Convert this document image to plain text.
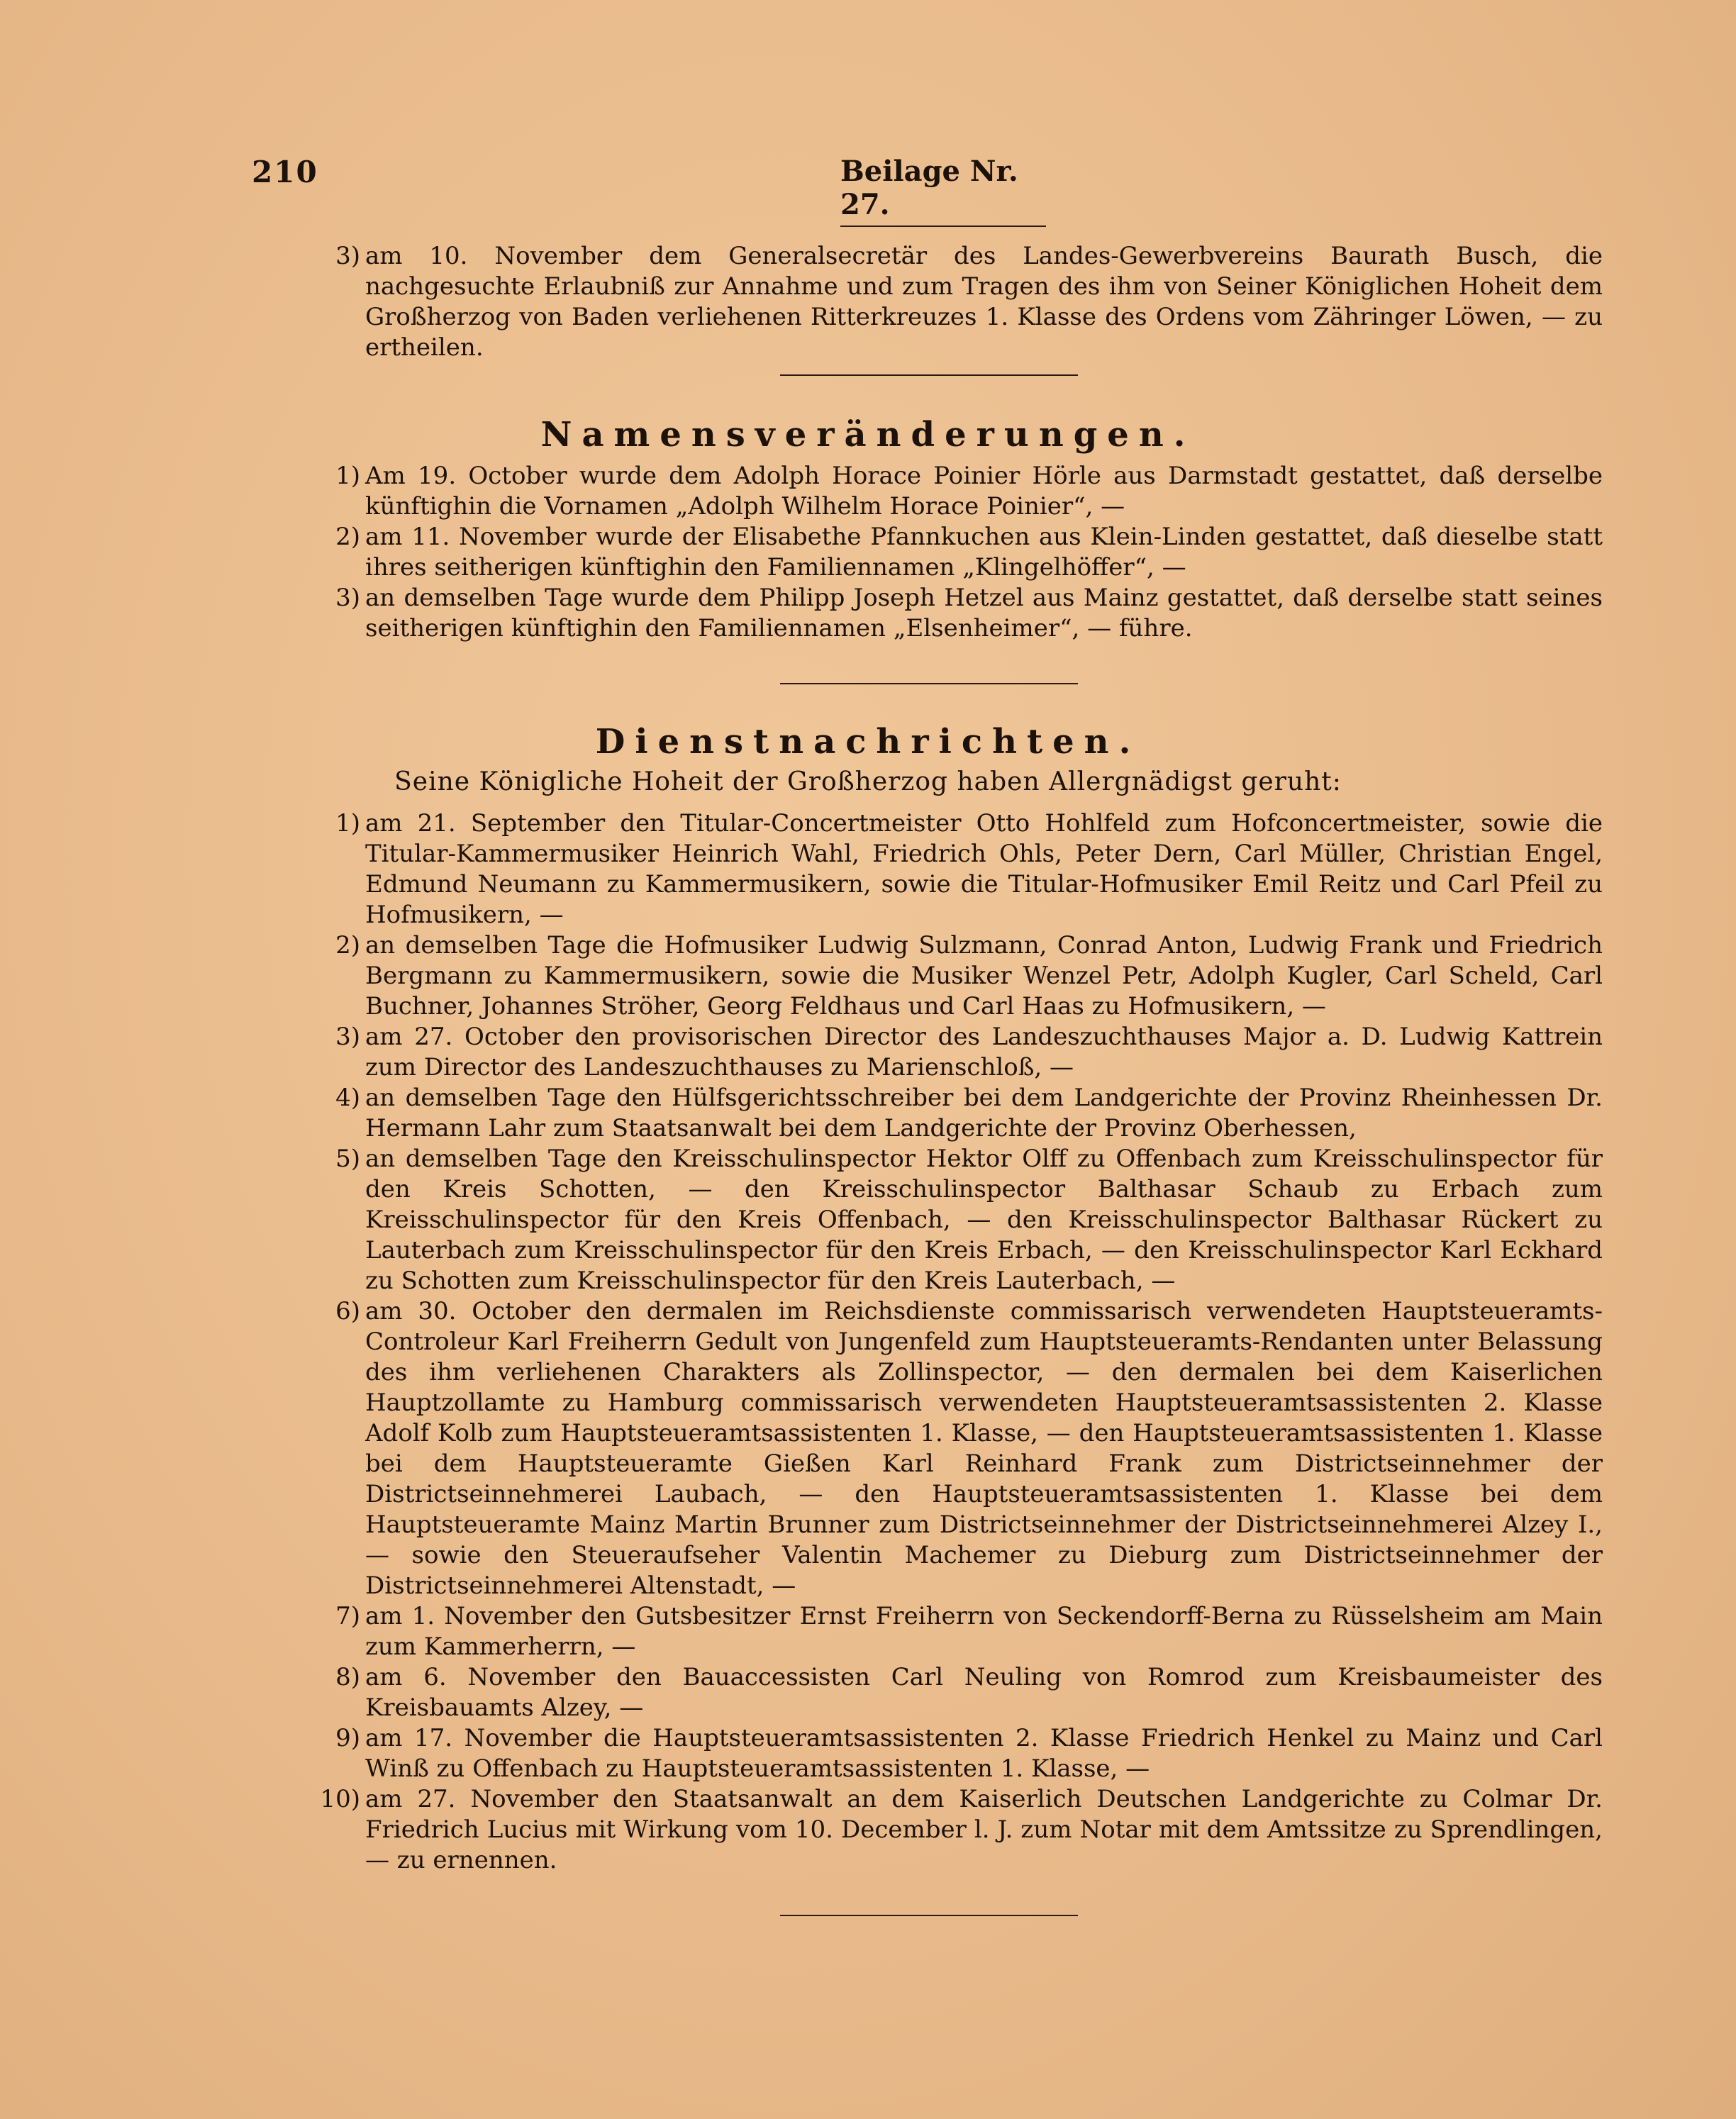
210	Beilage Nr. 27.

3) am 10. November dem Generalsecretär des Landes-Gewerbvereins Baurath Busch, die nachgesuchte Erlaubniß zur Annahme und zum Tragen des ihm von Seiner Königlichen Hoheit dem Großherzog von Baden verliehenen Ritterkreuzes 1. Klasse des Ordens vom Zähringer Löwen, — zu ertheilen.

Namensveränderungen.

1) Am 19. October wurde dem Adolph Horace Poinier Hörle aus Darmstadt gestattet, daß derselbe künftighin die Vornamen „Adolph Wilhelm Horace Poinier“, —

2) am 11. November wurde der Elisabethe Pfannkuchen aus Klein-Linden gestattet, daß dieselbe statt ihres seitherigen künftighin den Familiennamen „Klingelhöffer“, —

3) an demselben Tage wurde dem Philipp Joseph Hetzel aus Mainz gestattet, daß derselbe statt seines seitherigen künftighin den Familiennamen „Elsenheimer“, — führe.

Dienstnachrichten.
Seine Königliche Hoheit der Großherzog haben Allergnädigst geruht:

1) am 21. September den Titular-Concertmeister Otto Hohlfeld zum Hofconcertmeister, sowie die Titular-Kammermusiker Heinrich Wahl, Friedrich Ohls, Peter Dern, Carl Müller, Christian Engel, Edmund Neumann zu Kammermusikern, sowie die Titular-Hofmusiker Emil Reitz und Carl Pfeil zu Hofmusikern, —

2) an demselben Tage die Hofmusiker Ludwig Sulzmann, Conrad Anton, Ludwig Frank und Friedrich Bergmann zu Kammermusikern, sowie die Musiker Wenzel Petr, Adolph Kugler, Carl Scheld, Carl Buchner, Johannes Ströher, Georg Feldhaus und Carl Haas zu Hofmusikern, —

3) am 27. October den provisorischen Director des Landeszuchthauses Major a. D. Ludwig Kattrein zum Director des Landeszuchthauses zu Marienschloß, —

4) an demselben Tage den Hülfsgerichtsschreiber bei dem Landgerichte der Provinz Rheinhessen Dr. Hermann Lahr zum Staatsanwalt bei dem Landgerichte der Provinz Oberhessen,

5) an demselben Tage den Kreisschulinspector Hektor Olff zu Offenbach zum Kreisschulinspector für den Kreis Schotten, — den Kreisschulinspector Balthasar Schaub zu Erbach zum Kreisschulinspector für den Kreis Offenbach, — den Kreisschulinspector Balthasar Rückert zu Lauterbach zum Kreisschulinspector für den Kreis Erbach, — den Kreisschulinspector Karl Eckhard zu Schotten zum Kreisschulinspector für den Kreis Lauterbach, —

6) am 30. October den dermalen im Reichsdienste commissarisch verwendeten Hauptsteueramts-Controleur Karl Freiherrn Gedult von Jungenfeld zum Hauptsteueramts-Rendanten unter Belassung des ihm verliehenen Charakters als Zollinspector, — den dermalen bei dem Kaiserlichen Hauptzollamte zu Hamburg commissarisch verwendeten Hauptsteueramtsassistenten 2. Klasse Adolf Kolb zum Hauptsteueramtsassistenten 1. Klasse, — den Hauptsteueramtsassistenten 1. Klasse bei dem Hauptsteueramte Gießen Karl Reinhard Frank zum Districtseinnehmer der Districtseinnehmerei Laubach, — den Hauptsteueramtsassistenten 1. Klasse bei dem Hauptsteueramte Mainz Martin Brunner zum Districtseinnehmer der Districtseinnehmerei Alzey I., — sowie den Steueraufseher Valentin Machemer zu Dieburg zum Districtseinnehmer der Districtseinnehmerei Altenstadt, —

7) am 1. November den Gutsbesitzer Ernst Freiherrn von Seckendorff-Berna zu Rüsselsheim am Main zum Kammerherrn, —

8) am 6. November den Bauaccessisten Carl Neuling von Romrod zum Kreisbaumeister des Kreisbauamts Alzey, —

9) am 17. November die Hauptsteueramtsassistenten 2. Klasse Friedrich Henkel zu Mainz und Carl Winß zu Offenbach zu Hauptsteueramtsassistenten 1. Klasse, —

10) am 27. November den Staatsanwalt an dem Kaiserlich Deutschen Landgerichte zu Colmar Dr. Friedrich Lucius mit Wirkung vom 10. December l. J. zum Notar mit dem Amtssitze zu Sprendlingen, — zu ernennen.
